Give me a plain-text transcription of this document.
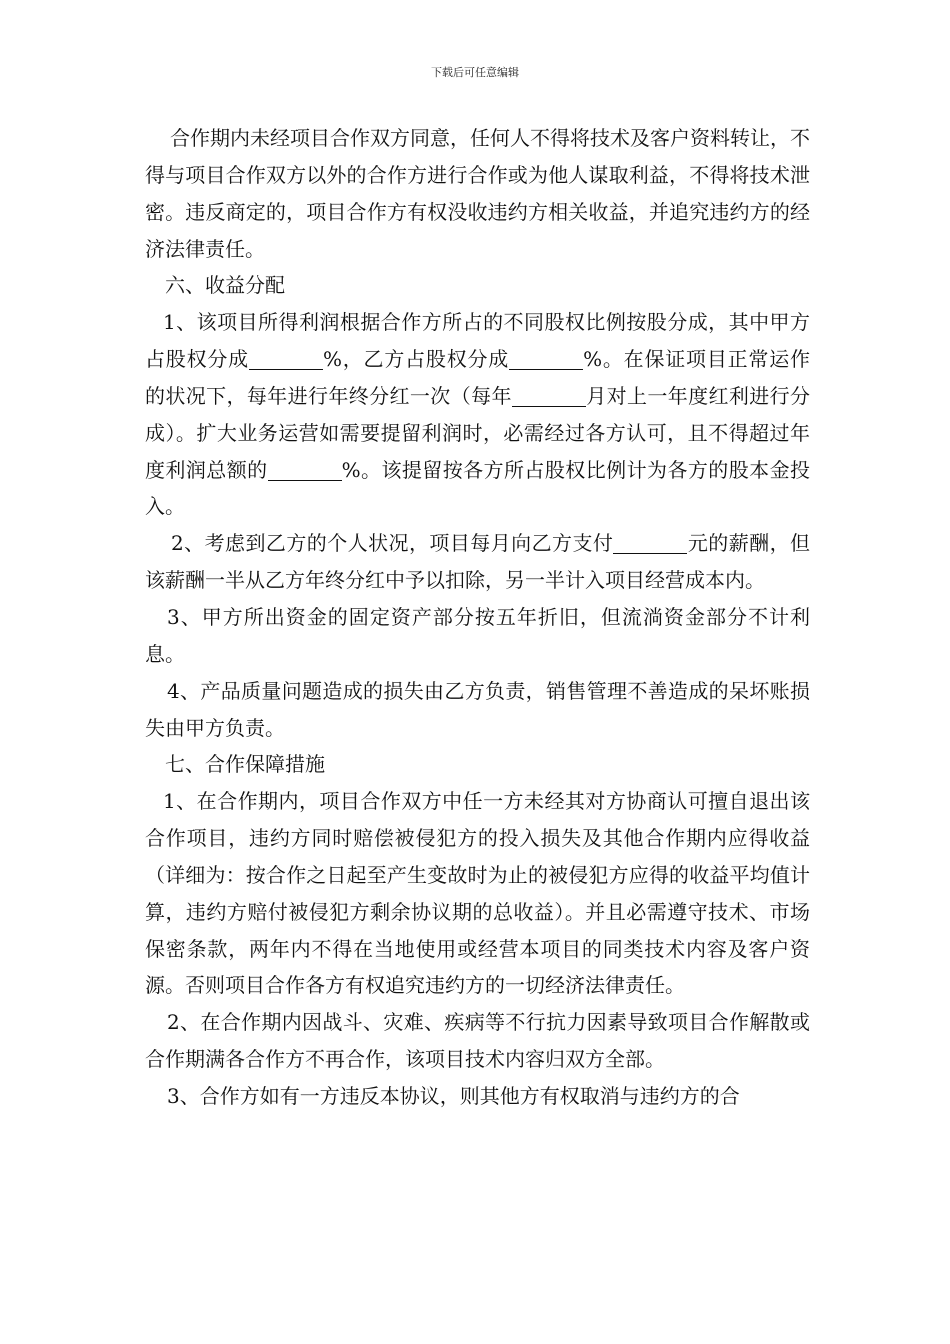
下载后可任意编辑

合作期内未经项目合作双方同意，任何人不得将技术及客户资料转让，不得与项目合作双方以外的合作方进行合作或为他人谋取利益，不得将技术泄密。违反商定的，项目合作方有权没收违约方相关收益，并追究违约方的经济法律责任。

六、收益分配

1、该项目所得利润根据合作方所占的不同股权比例按股分成，其中甲方占股权分成	%，乙方占股权分成	%。在保证项目正常运作的状况下，每年进行年终分红一次（每年	月对上一年度红利进行分成）。扩大业务运营如需要提留利润时，必需经过各方认可，且不得超过年度利润总额的	%。该提留按各方所占股权比例计为各方的股本金投入。

2、考虑到乙方的个人状况，项目每月向乙方支付	元的薪酬，但该薪酬一半从乙方年终分红中予以扣除，另一半计入项目经营成本内。

3、甲方所出资金的固定资产部分按五年折旧，但流淌资金部分不计利息。

4、产品质量问题造成的损失由乙方负责，销售管理不善造成的呆坏账损失由甲方负责。

七、合作保障措施

1、在合作期内，项目合作双方中任一方未经其对方协商认可擅自退出该合作项目，违约方同时赔偿被侵犯方的投入损失及其他合作期内应得收益（详细为：按合作之日起至产生变故时为止的被侵犯方应得的收益平均值计算，违约方赔付被侵犯方剩余协议期的总收益）。并且必需遵守技术、市场保密条款，两年内不得在当地使用或经营本项目的同类技术内容及客户资源。否则项目合作各方有权追究违约方的一切经济法律责任。

2、在合作期内因战斗、灾难、疾病等不行抗力因素导致项目合作解散或合作期满各合作方不再合作，该项目技术内容归双方全部。

3、合作方如有一方违反本协议，则其他方有权取消与违约方的合
